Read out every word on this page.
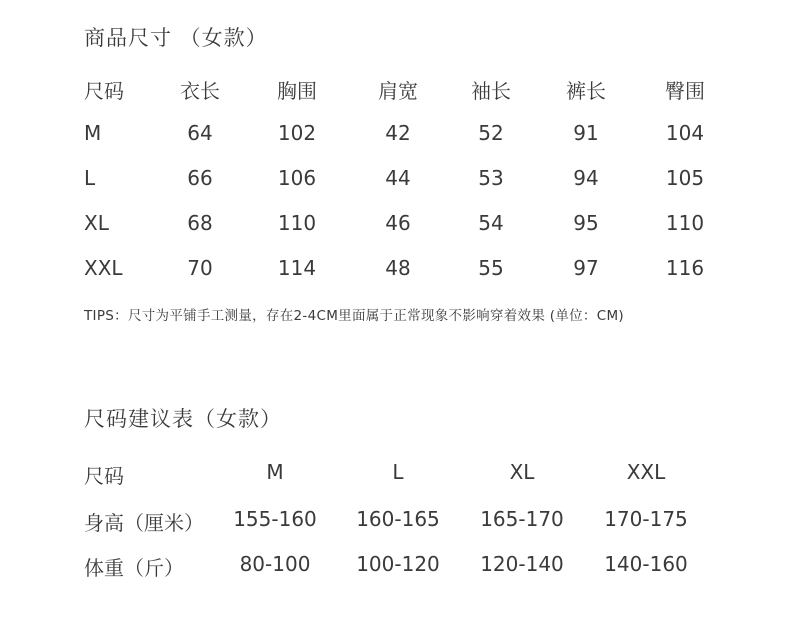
商品尺寸 （女款）
尺码	衣长	胸围	肩宽	袖长	裤长	臀围
M	64	102	42	52	91	104
L	66	106	44	53	94	105
XL	68	110	46	54	95	110
XXL	70	114	48	55	97	116
TIPS：尺寸为平铺手工测量，存在2-4CM里面属于正常现象不影响穿着效果 (单位：CM)
尺码建议表（女款）
尺码	M	L	XL	XXL
身高（厘米） 155-160 160-165 165-170 170-175
体重（斤）	80-100 100-120 120-140 140-160
